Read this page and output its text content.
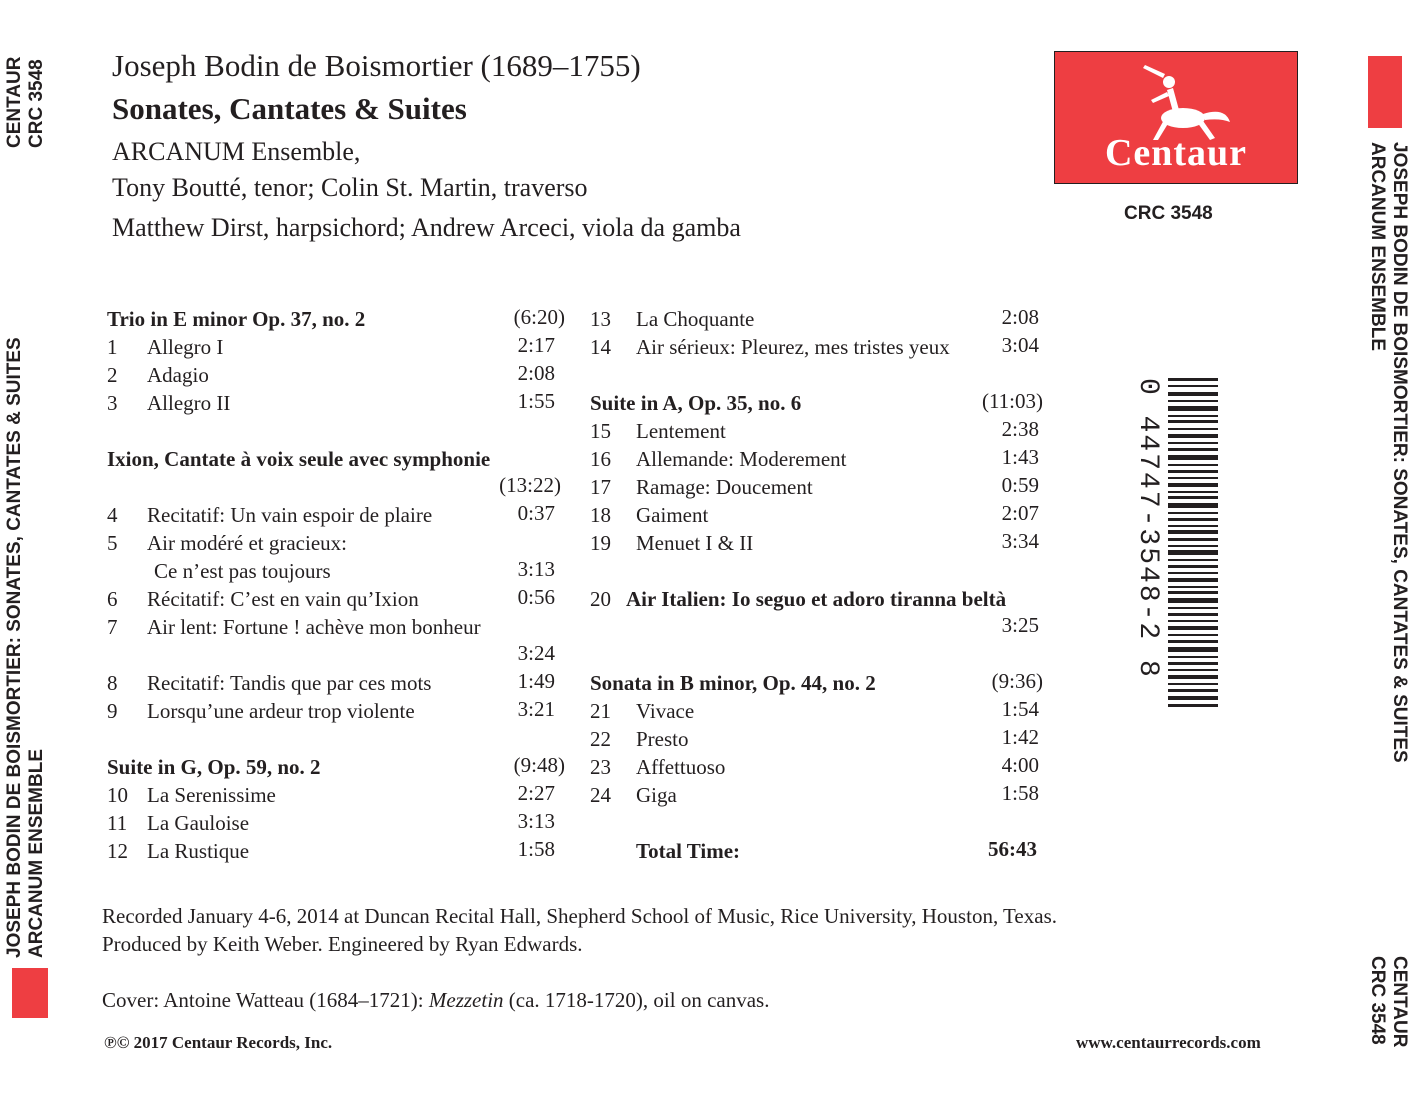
Joseph Bodin de Boismortier (1689–1755)
Sonates, Cantates & Suites
ARCANUM Ensemble,
Tony Boutté, tenor; Colin St. Martin, traverso
Matthew Dirst, harpsichord; Andrew Arceci, viola da gamba
Centaur
CRC 3548
CENTAUR CRC 3548
JOSEPH BODIN DE BOISMORTIER: SONATES, CANTATES & SUITES ARCANUM ENSEMBLE
JOSEPH BODIN DE BOISMORTIER: SONATES, CANTATES & SUITES
ARCANUM ENSEMBLE
CENTAUR
CRC 3548
0 44747-3548-2 8
Trio in E minor Op. 37, no. 2	(6:20)
1 Allegro I	2:17
2 Adagio	2:08
3 Allegro II	1:55
Ixion, Cantate à voix seule avec symphonie
(13:22)
4 Recitatif: Un vain espoir de plaire	0:37
5 Air modéré et gracieux:
Ce n’est pas toujours	3:13
6 Récitatif: C’est en vain qu’Ixion	0:56
7 Air lent: Fortune ! achève mon bonheur
3:24
8 Recitatif: Tandis que par ces mots	1:49
9 Lorsqu’une ardeur trop violente	3:21
Suite in G, Op. 59, no. 2	(9:48)
10 La Serenissime	2:27
11 La Gauloise	3:13
12 La Rustique	1:58
13 La Choquante	2:08
14 Air sérieux: Pleurez, mes tristes yeux 3:04
Suite in A, Op. 35, no. 6	(11:03)
15 Lentement	2:38
16 Allemande: Moderement	1:43
17 Ramage: Doucement	0:59
18 Gaiment	2:07
19 Menuet I & II	3:34
20 Air Italien: Io seguo et adoro tiranna beltà
3:25
Sonata in B minor, Op. 44, no. 2	(9:36)
21 Vivace	1:54
22 Presto	1:42
23 Affettuoso	4:00
24 Giga	1:58
Total Time:	56:43
Recorded January 4-6, 2014 at Duncan Recital Hall, Shepherd School of Music, Rice University, Houston, Texas.
Produced by Keith Weber. Engineered by Ryan Edwards.
Cover: Antoine Watteau (1684–1721): Mezzetin (ca. 1718-1720), oil on canvas.
℗© 2017 Centaur Records, Inc.	www.centaurrecords.com
